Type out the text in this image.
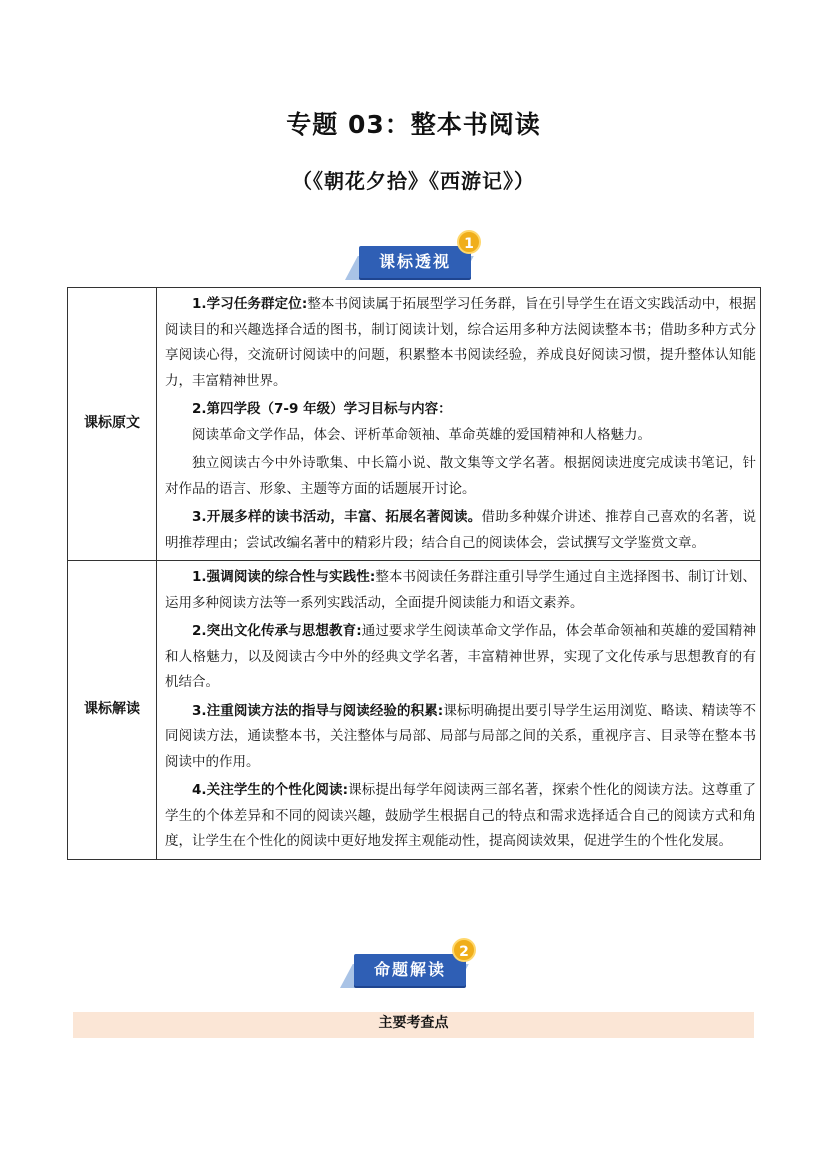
专题 03：整本书阅读
（《朝花夕拾》《西游记》）
课标透视
1
课标原文	1.学习任务群定位:整本书阅读属于拓展型学习任务群，旨在引导学生在语文实践活动中，根据阅读目的和兴趣选择合适的图书，制订阅读计划，综合运用多种方法阅读整本书；借助多种方式分享阅读心得，交流研讨阅读中的问题，积累整本书阅读经验，养成良好阅读习惯，提升整体认知能力，丰富精神世界。

2.第四学段（7-9 年级）学习目标与内容：

阅读革命文学作品，体会、评析革命领袖、革命英雄的爱国精神和人格魅力。

独立阅读古今中外诗歌集、中长篇小说、散文集等文学名著。根据阅读进度完成读书笔记，针对作品的语言、形象、主题等方面的话题展开讨论。

3.开展多样的读书活动，丰富、拓展名著阅读。借助多种媒介讲述、推荐自己喜欢的名著，说明推荐理由；尝试改编名著中的精彩片段；结合自己的阅读体会，尝试撰写文学鉴赏文章。

课标解读	1.强调阅读的综合性与实践性:整本书阅读任务群注重引导学生通过自主选择图书、制订计划、运用多种阅读方法等一系列实践活动，全面提升阅读能力和语文素养。

2.突出文化传承与思想教育:通过要求学生阅读革命文学作品，体会革命领袖和英雄的爱国精神和人格魅力，以及阅读古今中外的经典文学名著，丰富精神世界，实现了文化传承与思想教育的有机结合。

3.注重阅读方法的指导与阅读经验的积累:课标明确提出要引导学生运用浏览、略读、精读等不同阅读方法，通读整本书，关注整体与局部、局部与局部之间的关系，重视序言、目录等在整本书阅读中的作用。

4.关注学生的个性化阅读:课标提出每学年阅读两三部名著，探索个性化的阅读方法。这尊重了学生的个体差异和不同的阅读兴趣，鼓励学生根据自己的特点和需求选择适合自己的阅读方式和角度，让学生在个性化的阅读中更好地发挥主观能动性，提高阅读效果，促进学生的个性化发展。

命题解读
2
主要考查点
